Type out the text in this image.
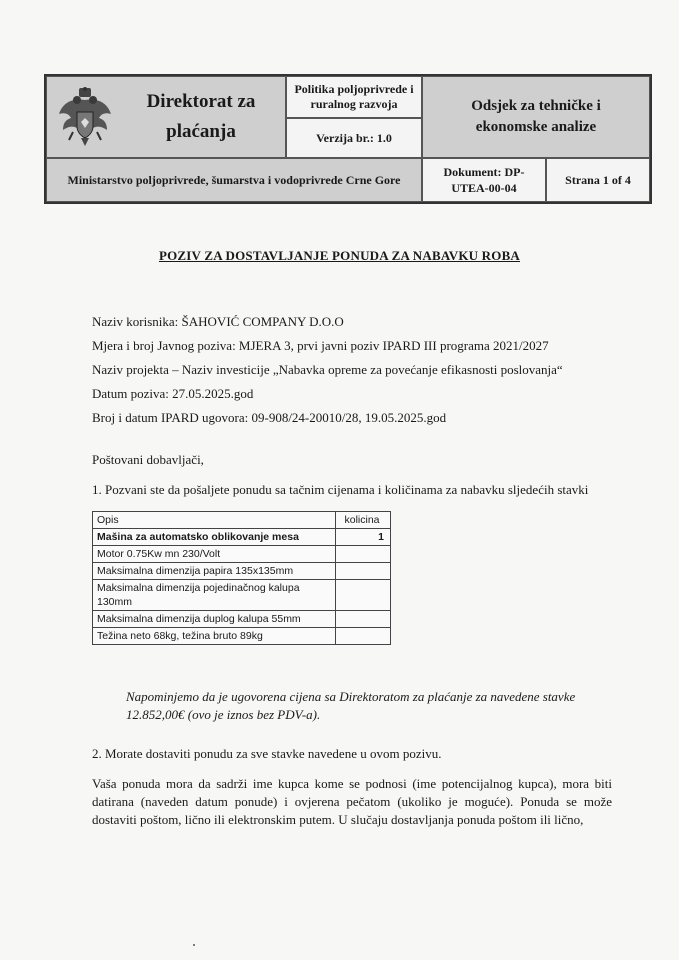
Direktorat za plaćanja
Politika poljoprivrede i ruralnog razvoja
Verzija br.: 1.0
Odsjek za tehničke i ekonomske analize
Ministarstvo poljoprivrede, šumarstva i vodoprivrede Crne Gore
Dokument: DP-UTEA-00-04
Strana 1 of 4
POZIV ZA DOSTAVLJANJE PONUDA ZA NABAVKU ROBA
Naziv korisnika: ŠAHOVIĆ COMPANY D.O.O
Mjera i broj Javnog poziva: MJERA 3, prvi javni poziv IPARD III programa 2021/2027
Naziv projekta – Naziv investicije „Nabavka opreme za povećanje efikasnosti poslovanja“
Datum poziva: 27.05.2025.god
Broj i datum IPARD ugovora: 09-908/24-20010/28, 19.05.2025.god
Poštovani dobavljači,
1. Pozvani ste da pošaljete ponudu sa tačnim cijenama i količinama za nabavku sljedećih stavki
Opis	kolicina
Mašina za automatsko oblikovanje mesa	1
Motor 0.75Kw mn 230/Volt	
Maksimalna dimenzija papira 135x135mm	
Maksimalna dimenzija pojedinačnog kalupa 130mm	
Maksimalna dimenzija duplog kalupa 55mm	
Težina neto 68kg, težina bruto 89kg	
Napominjemo da je ugovorena cijena sa Direktoratom za plaćanje za navedene stavke 12.852,00€ (ovo je iznos bez PDV-a).
2. Morate dostaviti ponudu za sve stavke navedene u ovom pozivu.
Vaša ponuda mora da sadrži ime kupca kome se podnosi (ime potencijalnog kupca), mora biti datirana (naveden datum ponude) i ovjerena pečatom (ukoliko je moguće). Ponuda se može dostaviti poštom, lično ili elektronskim putem. U slučaju dostavljanja ponuda poštom ili lično,
